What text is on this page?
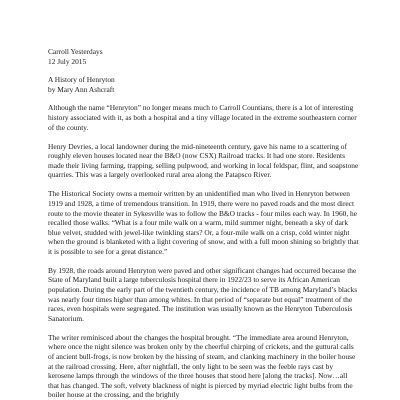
Carroll Yesterdays
12 July 2015
A History of Henryton
by Mary Ann Ashcraft

Although the name “Henryton” no longer means much to Carroll Countians, there is a lot of interesting history associated with it, as both a hospital and a tiny village located in the extreme southeastern corner of the county.

Henry Devries, a local landowner during the mid-nineteenth century, gave his name to a scattering of roughly eleven houses located near the B&O (now CSX) Railroad tracks. It had one store. Residents made their living farming, trapping, selling pulpwood, and working in local feldspar, flint, and soapstone quarries. This was a largely overlooked rural area along the Patapsco River.

The Historical Society owns a memoir written by an unidentified man who lived in Henryton between 1919 and 1928, a time of tremendous transition. In 1919, there were no paved roads and the most direct route to the movie theater in Sykesville was to follow the B&O tracks - four miles each way. In 1960, he recalled those walks. “What is a four mile walk on a warm, mild summer night, beneath a sky of dark blue velvet, studded with jewel-like twinkling stars? Or, a four-mile walk on a crisp, cold winter night when the ground is blanketed with a light covering of snow, and with a full moon shining so brightly that it is possible to see for a great distance.”

By 1928, the roads around Henryton were paved and other significant changes had occurred because the State of Maryland built a large tuberculosis hospital there in 1922/23 to serve its African American population. During the early part of the twentieth century, the incidence of TB among Maryland’s blacks was nearly four times higher than among whites. In that period of “separate but equal” treatment of the races, even hospitals were segregated. The institution was usually known as the Henryton Tuberculosis Sanatorium.

The writer reminisced about the changes the hospital brought. “The immediate area around Henryton, where once the night silence was broken only by the cheerful chirping of crickets, and the guttural calls of ancient bull-frogs, is now broken by the hissing of steam, and clanking machinery in the boiler house at the railroad crossing. Here, after nightfall, the only light to be seen was the feeble rays cast by kerosene lamps through the windows of the three houses that stood here [along the tracks]. Now…all that has changed. The soft, velvety blackness of night is pierced by myriad electric light bulbs from the boiler house at the crossing, and the brightly
